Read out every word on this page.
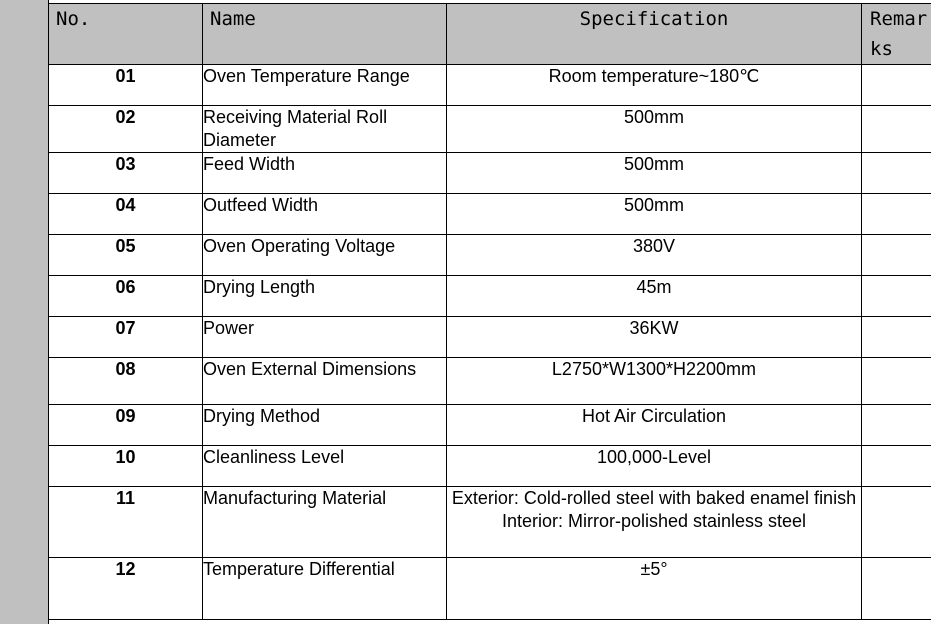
No.	Name	Specification	Remarks
01	Oven Temperature Range	Room temperature~180℃	
02	Receiving Material Roll Diameter	500mm	
03	Feed Width	500mm	
04	Outfeed Width	500mm	
05	Oven Operating Voltage	380V	
06	Drying Length	45m	
07	Power	36KW	
08	Oven External Dimensions	L2750*W1300*H2200mm	
09	Drying Method	Hot Air Circulation	
10	Cleanliness Level	100,000-Level	
11	Manufacturing Material	Exterior: Cold-rolled steel with baked enamel finish
Interior: Mirror-polished stainless steel	
12	Temperature Differential	±5°	
